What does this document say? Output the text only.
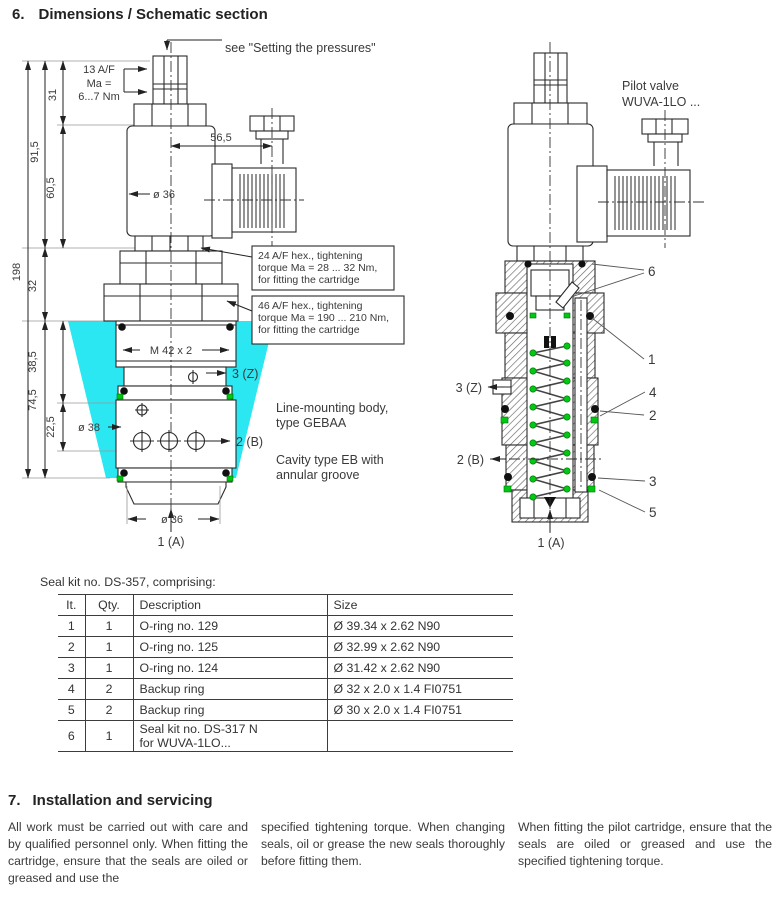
6. Dimensions / Schematic section
see "Setting the pressures"
13 A/F
Ma =
6...7 Nm
198
91,5
32
74,5
31
60,5
38,5
22,5
56,5
ø 36
M 42 x 2
ø 38
ø 36
3 (Z)
2 (B)
1 (A)
24 A/F hex., tightening
torque Ma = 28 ... 32 Nm,
for fitting the cartridge
46 A/F hex., tightening
torque Ma = 190 ... 210 Nm,
for fitting the cartridge
Line-mounting body,
type GEBAA
Cavity type EB with
annular groove
Pilot valve
WUVA-1LO ...
3 (Z)
2 (B)
1 (A)
6
1
4
2
3
5
Seal kit no. DS-357, comprising:
It.	Qty.	Description	Size
1	1	O-ring no. 129	Ø 39.34 x 2.62 N90
2	1	O-ring no. 125	Ø 32.99 x 2.62 N90
3	1	O-ring no. 124	Ø 31.42 x 2.62 N90
4	2	Backup ring	Ø 32 x 2.0 x 1.4 FI0751
5	2	Backup ring	Ø 30 x 2.0 x 1.4 FI0751
6	1	Seal kit no. DS-317 N
for WUVA-1LO...	

7. Installation and servicing
All work must be carried out with care and by qualified personnel only. When fitting the cartridge, ensure that the seals are oiled or greased and use the
specified tightening torque. When changing seals, oil or grease the new seals thoroughly before fitting them.
When fitting the pilot cartridge, ensure that the seals are oiled or greased and use the specified tightening torque.
